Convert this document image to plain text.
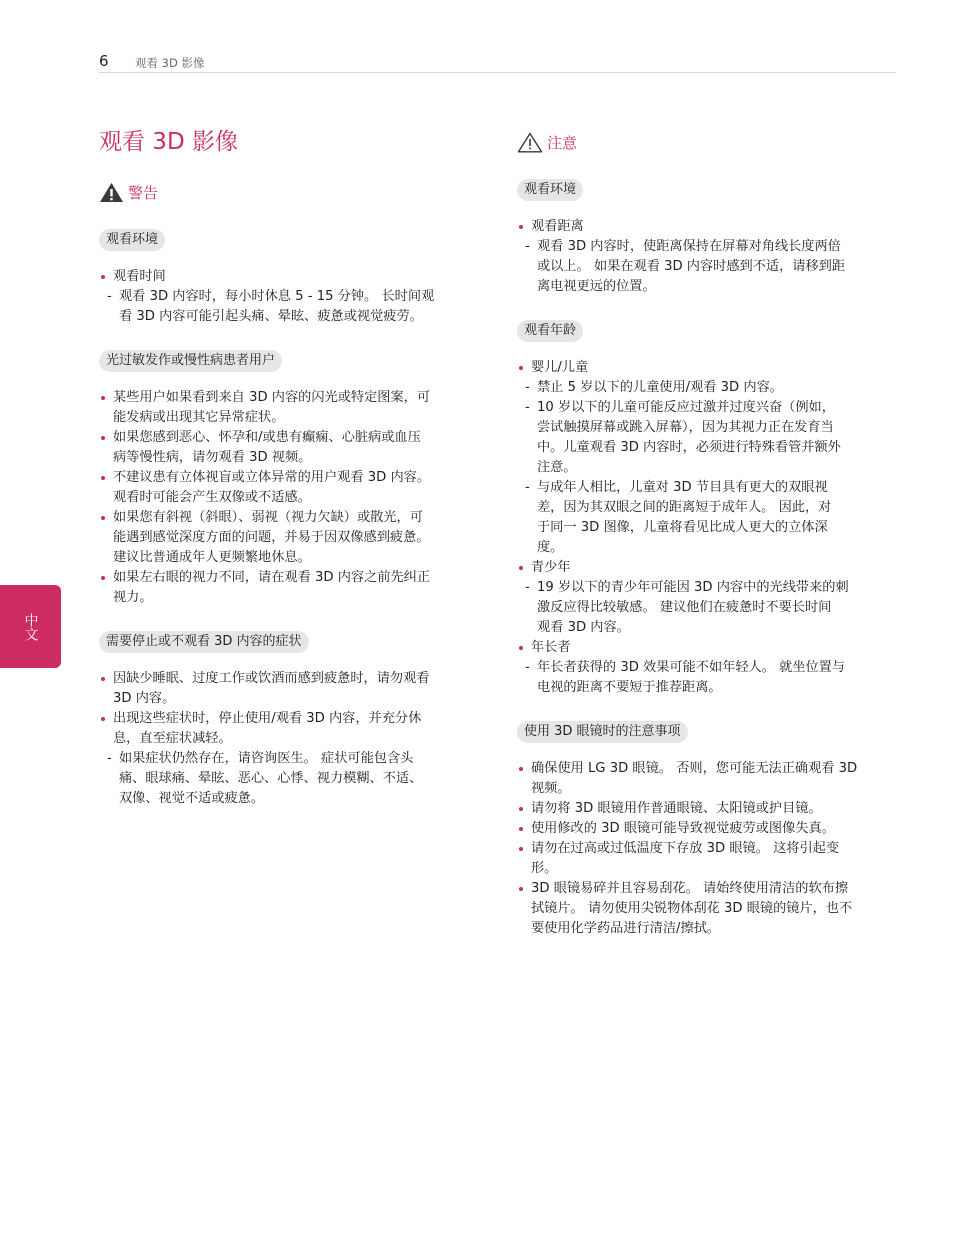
6 观看 3D 影像
中文
观看 3D 影像
警告
观看环境
观看时间
- 观看 3D 内容时，每小时休息 5 - 15 分钟。 长时间观
看 3D 内容可能引起头痛、晕眩、疲惫或视觉疲劳。
光过敏发作或慢性病患者用户
某些用户如果看到来自 3D 内容的闪光或特定图案，可
能发病或出现其它异常症状。
如果您感到恶心、怀孕和/或患有癫痫、心脏病或血压
病等慢性病，请勿观看 3D 视频。
不建议患有立体视盲或立体异常的用户观看 3D 内容。
观看时可能会产生双像或不适感。
如果您有斜视（斜眼）、弱视（视力欠缺）或散光，可
能遇到感觉深度方面的问题，并易于因双像感到疲惫。
建议比普通成年人更频繁地休息。
如果左右眼的视力不同，请在观看 3D 内容之前先纠正
视力。
需要停止或不观看 3D 内容的症状
因缺少睡眠、过度工作或饮酒而感到疲惫时，请勿观看
3D 内容。
出现这些症状时，停止使用/观看 3D 内容，并充分休
息，直至症状减轻。
- 如果症状仍然存在，请咨询医生。 症状可能包含头
痛、眼球痛、晕眩、恶心、心悸、视力模糊、不适、
双像、视觉不适或疲惫。
注意
观看环境
观看距离
- 观看 3D 内容时，使距离保持在屏幕对角线长度两倍
或以上。 如果在观看 3D 内容时感到不适，请移到距
离电视更远的位置。
观看年龄
婴儿/儿童
- 禁止 5 岁以下的儿童使用/观看 3D 内容。
- 10 岁以下的儿童可能反应过激并过度兴奋（例如，
尝试触摸屏幕或跳入屏幕），因为其视力正在发育当
中。儿童观看 3D 内容时，必须进行特殊看管并额外
注意。
- 与成年人相比，儿童对 3D 节目具有更大的双眼视
差，因为其双眼之间的距离短于成年人。 因此，对
于同一 3D 图像，儿童将看见比成人更大的立体深
度。
青少年
- 19 岁以下的青少年可能因 3D 内容中的光线带来的刺
激反应得比较敏感。 建议他们在疲惫时不要长时间
观看 3D 内容。
年长者
- 年长者获得的 3D 效果可能不如年轻人。 就坐位置与
电视的距离不要短于推荐距离。
使用 3D 眼镜时的注意事项
确保使用 LG 3D 眼镜。 否则，您可能无法正确观看 3D
视频。
请勿将 3D 眼镜用作普通眼镜、太阳镜或护目镜。
使用修改的 3D 眼镜可能导致视觉疲劳或图像失真。
请勿在过高或过低温度下存放 3D 眼镜。 这将引起变
形。
3D 眼镜易碎并且容易刮花。 请始终使用清洁的软布擦
拭镜片。 请勿使用尖锐物体刮花 3D 眼镜的镜片，也不
要使用化学药品进行清洁/擦拭。
